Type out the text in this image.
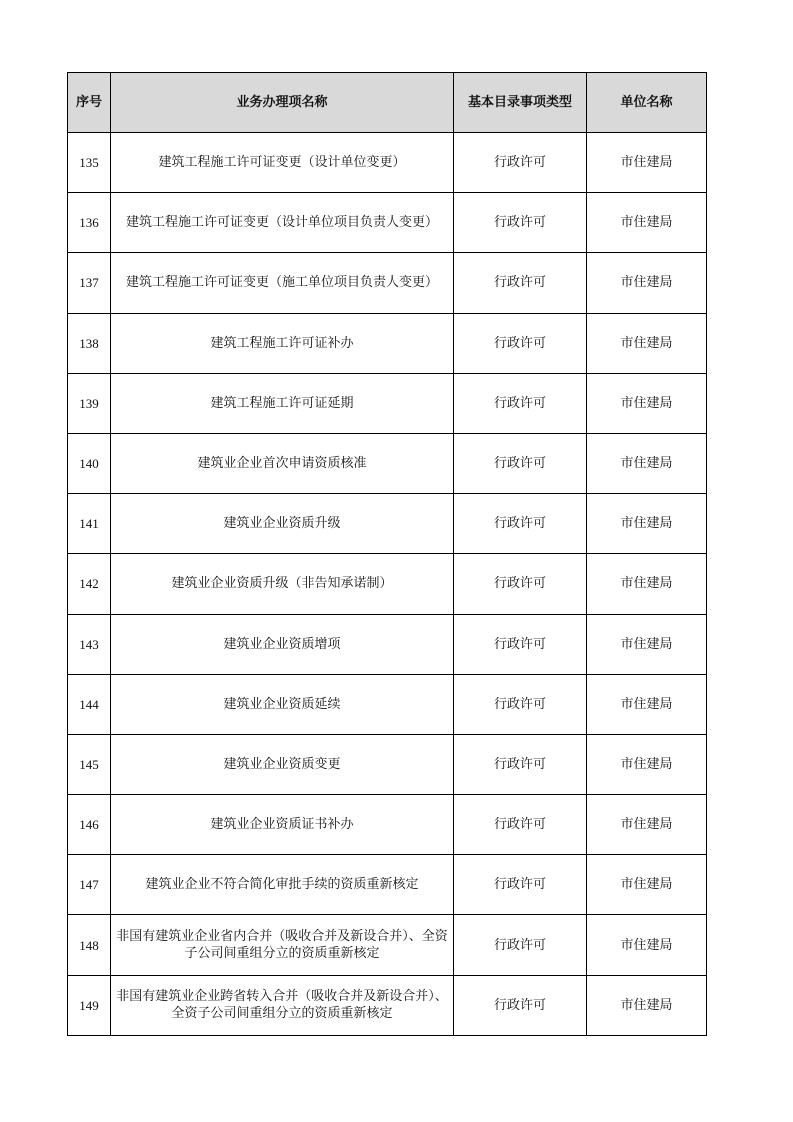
序号	业务办理项名称	基本目录事项类型	单位名称
135	建筑工程施工许可证变更（设计单位变更）	行政许可	市住建局
136	建筑工程施工许可证变更（设计单位项目负责人变更）	行政许可	市住建局
137	建筑工程施工许可证变更（施工单位项目负责人变更）	行政许可	市住建局
138	建筑工程施工许可证补办	行政许可	市住建局
139	建筑工程施工许可证延期	行政许可	市住建局
140	建筑业企业首次申请资质核准	行政许可	市住建局
141	建筑业企业资质升级	行政许可	市住建局
142	建筑业企业资质升级（非告知承诺制）	行政许可	市住建局
143	建筑业企业资质增项	行政许可	市住建局
144	建筑业企业资质延续	行政许可	市住建局
145	建筑业企业资质变更	行政许可	市住建局
146	建筑业企业资质证书补办	行政许可	市住建局
147	建筑业企业不符合简化审批手续的资质重新核定	行政许可	市住建局
148	非国有建筑业企业省内合并（吸收合并及新设合并）、全资子公司间重组分立的资质重新核定	行政许可	市住建局
149	非国有建筑业企业跨省转入合并（吸收合并及新设合并）、全资子公司间重组分立的资质重新核定	行政许可	市住建局
